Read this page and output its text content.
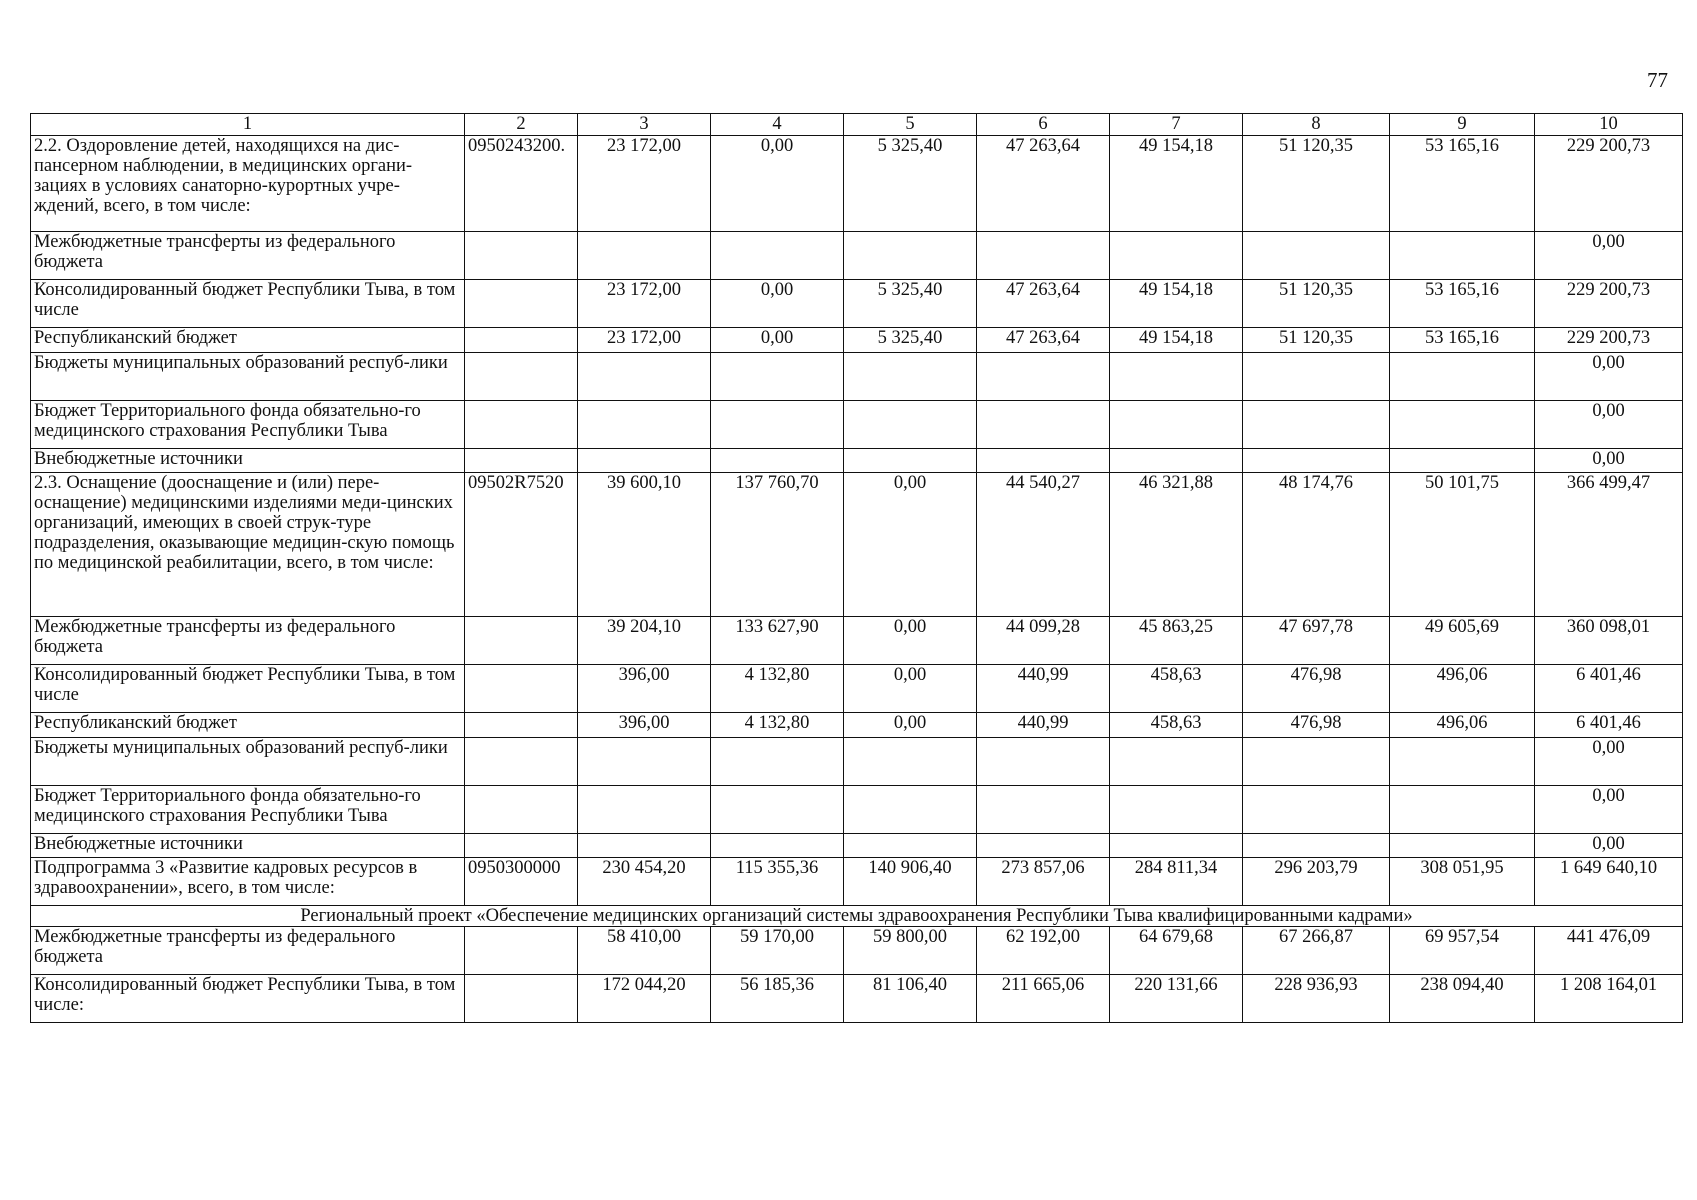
77
1	2	3	4	5	6	7	8	9	10
2.2. Оздоровление детей, находящихся на дис-пансерном наблюдении, в медицинских органи-зациях в условиях санаторно-курортных учре-ждений, всего, в том числе:	0950243200.	23 172,00	0,00	5 325,40	47 263,64	49 154,18	51 120,35	53 165,16	229 200,73
Межбюджетные трансферты из федерального бюджета									0,00
Консолидированный бюджет Республики Тыва, в том числе		23 172,00	0,00	5 325,40	47 263,64	49 154,18	51 120,35	53 165,16	229 200,73
Республиканский бюджет		23 172,00	0,00	5 325,40	47 263,64	49 154,18	51 120,35	53 165,16	229 200,73
Бюджеты муниципальных образований респуб-лики									0,00
Бюджет Территориального фонда обязательно-го медицинского страхования Республики Тыва									0,00
Внебюджетные источники									0,00
2.3. Оснащение (дооснащение и (или) пере-оснащение) медицинскими изделиями меди-цинских организаций, имеющих в своей струк-туре подразделения, оказывающие медицин-скую помощь по медицинской реабилитации, всего, в том числе:	09502R7520	39 600,10	137 760,70	0,00	44 540,27	46 321,88	48 174,76	50 101,75	366 499,47
Межбюджетные трансферты из федерального бюджета		39 204,10	133 627,90	0,00	44 099,28	45 863,25	47 697,78	49 605,69	360 098,01
Консолидированный бюджет Республики Тыва, в том числе		396,00	4 132,80	0,00	440,99	458,63	476,98	496,06	6 401,46
Республиканский бюджет		396,00	4 132,80	0,00	440,99	458,63	476,98	496,06	6 401,46
Бюджеты муниципальных образований респуб-лики									0,00
Бюджет Территориального фонда обязательно-го медицинского страхования Республики Тыва									0,00
Внебюджетные источники									0,00
Подпрограмма 3 «Развитие кадровых ресурсов в здравоохранении», всего, в том числе:	0950300000	230 454,20	115 355,36	140 906,40	273 857,06	284 811,34	296 203,79	308 051,95	1 649 640,10
Региональный проект «Обеспечение медицинских организаций системы здравоохранения Республики Тыва квалифицированными кадрами»									
Межбюджетные трансферты из федерального бюджета		58 410,00	59 170,00	59 800,00	62 192,00	64 679,68	67 266,87	69 957,54	441 476,09
Консолидированный бюджет Республики Тыва, в том числе:		172 044,20	56 185,36	81 106,40	211 665,06	220 131,66	228 936,93	238 094,40	1 208 164,01
